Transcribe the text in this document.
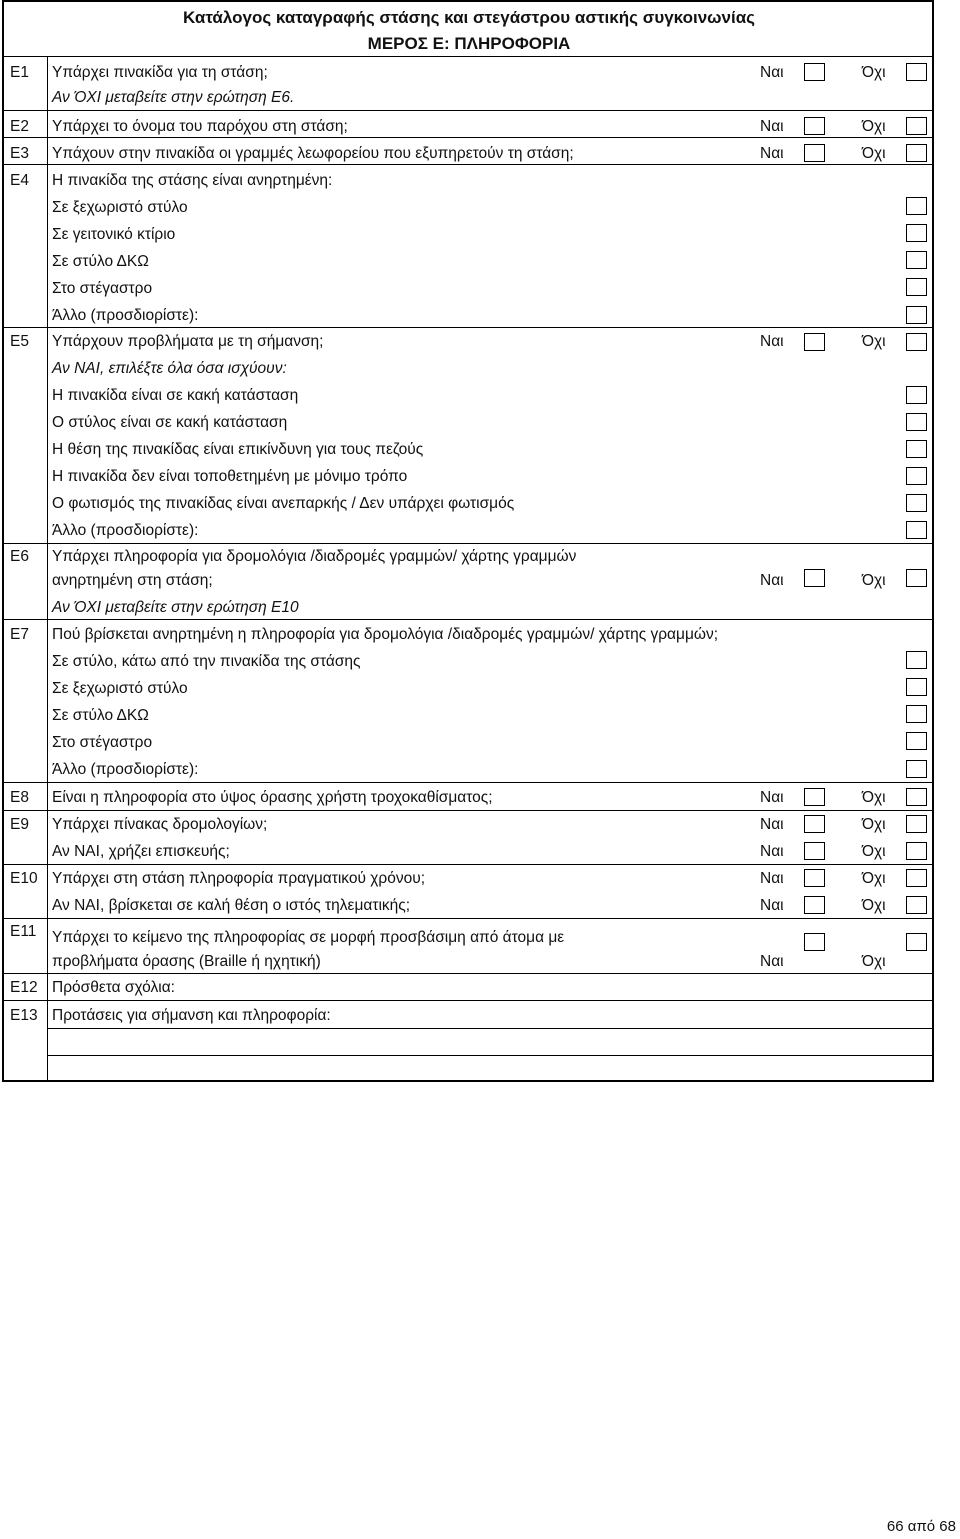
Κατάλογος καταγραφής στάσης και στεγάστρου αστικής συγκοινωνίας
ΜΕΡΟΣ Ε: ΠΛΗΡΟΦΟΡΙΑ
Ε1 Υπάρχει πινακίδα για τη στάση;	Ναι	Όχι
Αν ΌΧΙ μεταβείτε στην ερώτηση Ε6.
Ε2 Υπάρχει το όνομα του παρόχου στη στάση;	Ναι	Όχι
Ε3 Υπάχουν στην πινακίδα οι γραμμές λεωφορείου που εξυπηρετούν τη στάση;	Ναι	Όχι
Ε4 Η πινακίδα της στάσης είναι ανηρτημένη:
Σε ξεχωριστό στύλο
Σε γειτονικό κτίριο
Σε στύλο ΔΚΩ
Στο στέγαστρο
Άλλο (προσδιορίστε):
Ε5 Υπάρχουν προβλήματα με τη σήμανση;	Ναι	Όχι
Αν ΝΑΙ, επιλέξτε όλα όσα ισχύουν:
Η πινακίδα είναι σε κακή κατάσταση
Ο στύλος είναι σε κακή κατάσταση
Η θέση της πινακίδας είναι επικίνδυνη για τους πεζούς
Η πινακίδα δεν είναι τοποθετημένη με μόνιμο τρόπο
Ο φωτισμός της πινακίδας είναι ανεπαρκής / Δεν υπάρχει φωτισμός
Άλλο (προσδιορίστε):
Ε6 Υπάρχει πληροφορία για δρομολόγια /διαδρομές γραμμών/ χάρτης γραμμών
ανηρτημένη στη στάση;	Ναι	Όχι
Αν ΌΧΙ μεταβείτε στην ερώτηση Ε10
Ε7 Πού βρίσκεται ανηρτημένη η πληροφορία για δρομολόγια /διαδρομές γραμμών/ χάρτης γραμμών;
Σε στύλο, κάτω από την πινακίδα της στάσης
Σε ξεχωριστό στύλο
Σε στύλο ΔΚΩ
Στο στέγαστρο
Άλλο (προσδιορίστε):
Ε8 Είναι η πληροφορία στο ύψος όρασης χρήστη τροχοκαθίσματος;	Ναι	Όχι
Ε9 Υπάρχει πίνακας δρομολογίων;	Ναι	Όχι
Αν ΝΑΙ, χρήζει επισκευής;	Ναι	Όχι
Ε10 Υπάρχει στη στάση πληροφορία πραγματικού χρόνου;	Ναι	Όχι
Αν ΝΑΙ, βρίσκεται σε καλή θέση ο ιστός τηλεματικής;	Ναι	Όχι
Ε11 Υπάρχει το κείμενο της πληροφορίας σε μορφή προσβάσιμη από άτομα με
προβλήματα όρασης (Braille ή ηχητική)	Ναι	Όχι
Ε12 Πρόσθετα σχόλια:
Ε13 Προτάσεις για σήμανση και πληροφορία:
66 από 68
